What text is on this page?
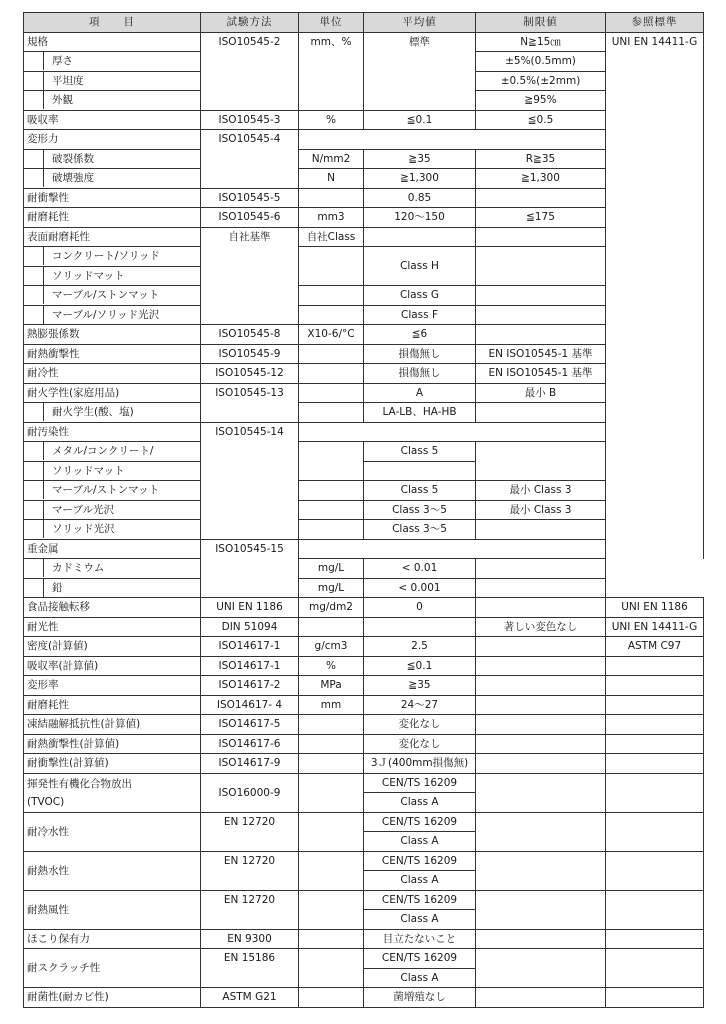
項　　目	試験方法	単位	平均値	制限値	参照標準
規格	ISO10545-2	mm、%	標準	N≧15㎝	UNI EN 14411-G
厚さ				±5%(0.5mm)	
平坦度				±0.5%(±2mm)	
外観				≧95%	
吸収率	ISO10545-3	%	≦0.1	≦0.5	
変形力	ISO10545-4				
破裂係数		N/mm2	≧35	R≧35	
破壊強度		N	≧1,300	≧1,300	
耐衝撃性	ISO10545-5		0.85		
耐磨耗性	ISO10545-6	mm3	120～150	≦175	
表面耐磨耗性	自社基準	自社Class			
コンクリート/ソリッド			Class H		
ソリッドマット					
マーブル/ストンマット			Class G		
マーブル/ソリッド光沢			Class F		
熱膨張係数	ISO10545-8	X10-6/°C	≦6		
耐熱衝撃性	ISO10545-9		損傷無し	EN ISO10545-1 基準	
耐冷性	ISO10545-12		損傷無し	EN ISO10545-1 基準	
耐火学性(家庭用品)	ISO10545-13		A	最小 B	
耐火学生(酸、塩)			LA-LB、HA-HB		
耐汚染性	ISO10545-14				
メタル/コンクリート/			Class 5		
ソリッドマット					
マーブル/ストンマット			Class 5	最小 Class 3	
マーブル光沢			Class 3～5	最小 Class 3	
ソリッド光沢			Class 3～5		
重金属	ISO10545-15				
カドミウム		mg/L	< 0.01		
鉛		mg/L	< 0.001		
食品接触転移	UNI EN 1186	mg/dm2	0		UNI EN 1186
耐光性	DIN 51094			著しい変色なし	UNI EN 14411-G
密度(計算値)	ISO14617-1	g/cm3	2.5		ASTM C97
吸収率(計算値)	ISO14617-1	%	≦0.1		
変形率	ISO14617-2	MPa	≧35		
耐磨耗性	ISO14617- 4	mm	24～27		
凍結融解抵抗性(計算値)	ISO14617-5		変化なし		
耐熱衝撃性(計算値)	ISO14617-6		変化なし		
耐衝撃性(計算値)	ISO14617-9		3Ｊ(400mm損傷無)		

揮発性有機化合物放出
(TVOC)	ISO16000-9		CEN/TS 16209		
			Class A		
耐冷水性	EN 12720		CEN/TS 16209		
			Class A		
耐熱水性	EN 12720		CEN/TS 16209		
			Class A		
耐熱風性	EN 12720		CEN/TS 16209		
			Class A		
ほこり保有力	EN 9300		目立たないこと		
耐スクラッチ性	EN 15186		CEN/TS 16209		
			Class A		
耐菌性(耐カビ性)	ASTM G21		菌増殖なし		
